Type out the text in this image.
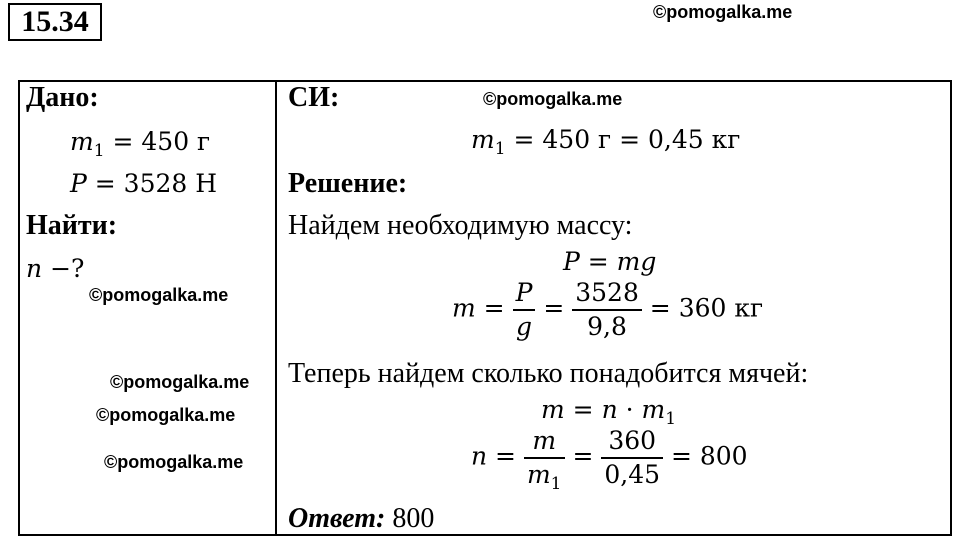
15.34	©pomogalka.me
©pomogalka.me
©pomogalka.me
©pomogalka.me
©pomogalka.me
©pomogalka.me
Дано:
$m_1 = 450$ г
P = 3528 Н
Найти:
n −?
СИ:
$m_1 = 450$ г = 0,45 кг
Решение:
Найдем необходимую массу:
P = mg
$m = \frac{P}{g} = \frac{3528}{9,8} = 360$ кг
Теперь найдем сколько понадобится мячей:
$m = n \cdot m_1$
$n = \frac{m}{m_1} = \frac{360}{0,45} = 800$
Ответ: 800
